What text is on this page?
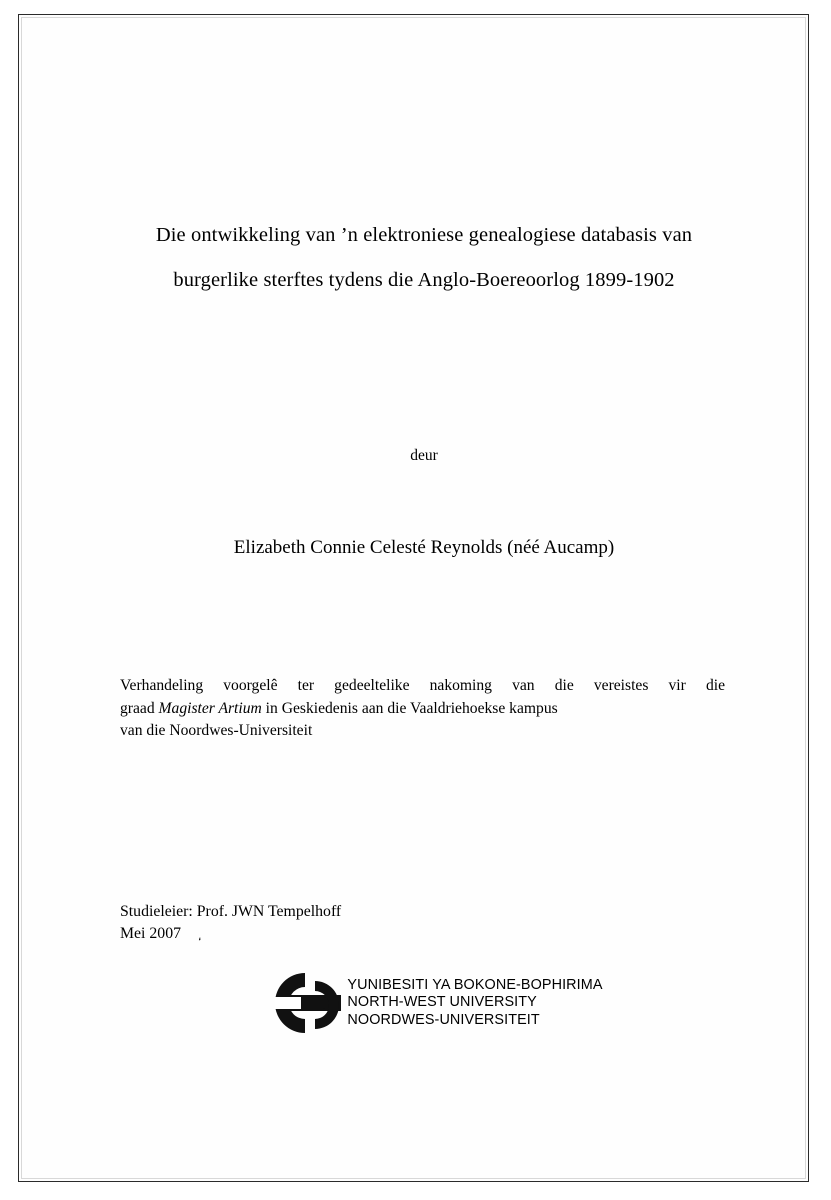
Die ontwikkeling van ’n elektroniese genealogiese databasis van
burgerlike sterftes tydens die Anglo-Boereoorlog 1899-1902
deur
Elizabeth Connie Celesté Reynolds (néé Aucamp)
Verhandeling voorgelê ter gedeeltelike nakoming van die vereistes vir die
graad Magister Artium in Geskiedenis aan die Vaaldriehoekse kampus
van die Noordwes-Universiteit
Studieleier: Prof. JWN Tempelhoff
Mei 2007 ͵
YUNIBESITI YA BOKONE-BOPHIRIMA
NORTH-WEST UNIVERSITY
NOORDWES-UNIVERSITEIT
